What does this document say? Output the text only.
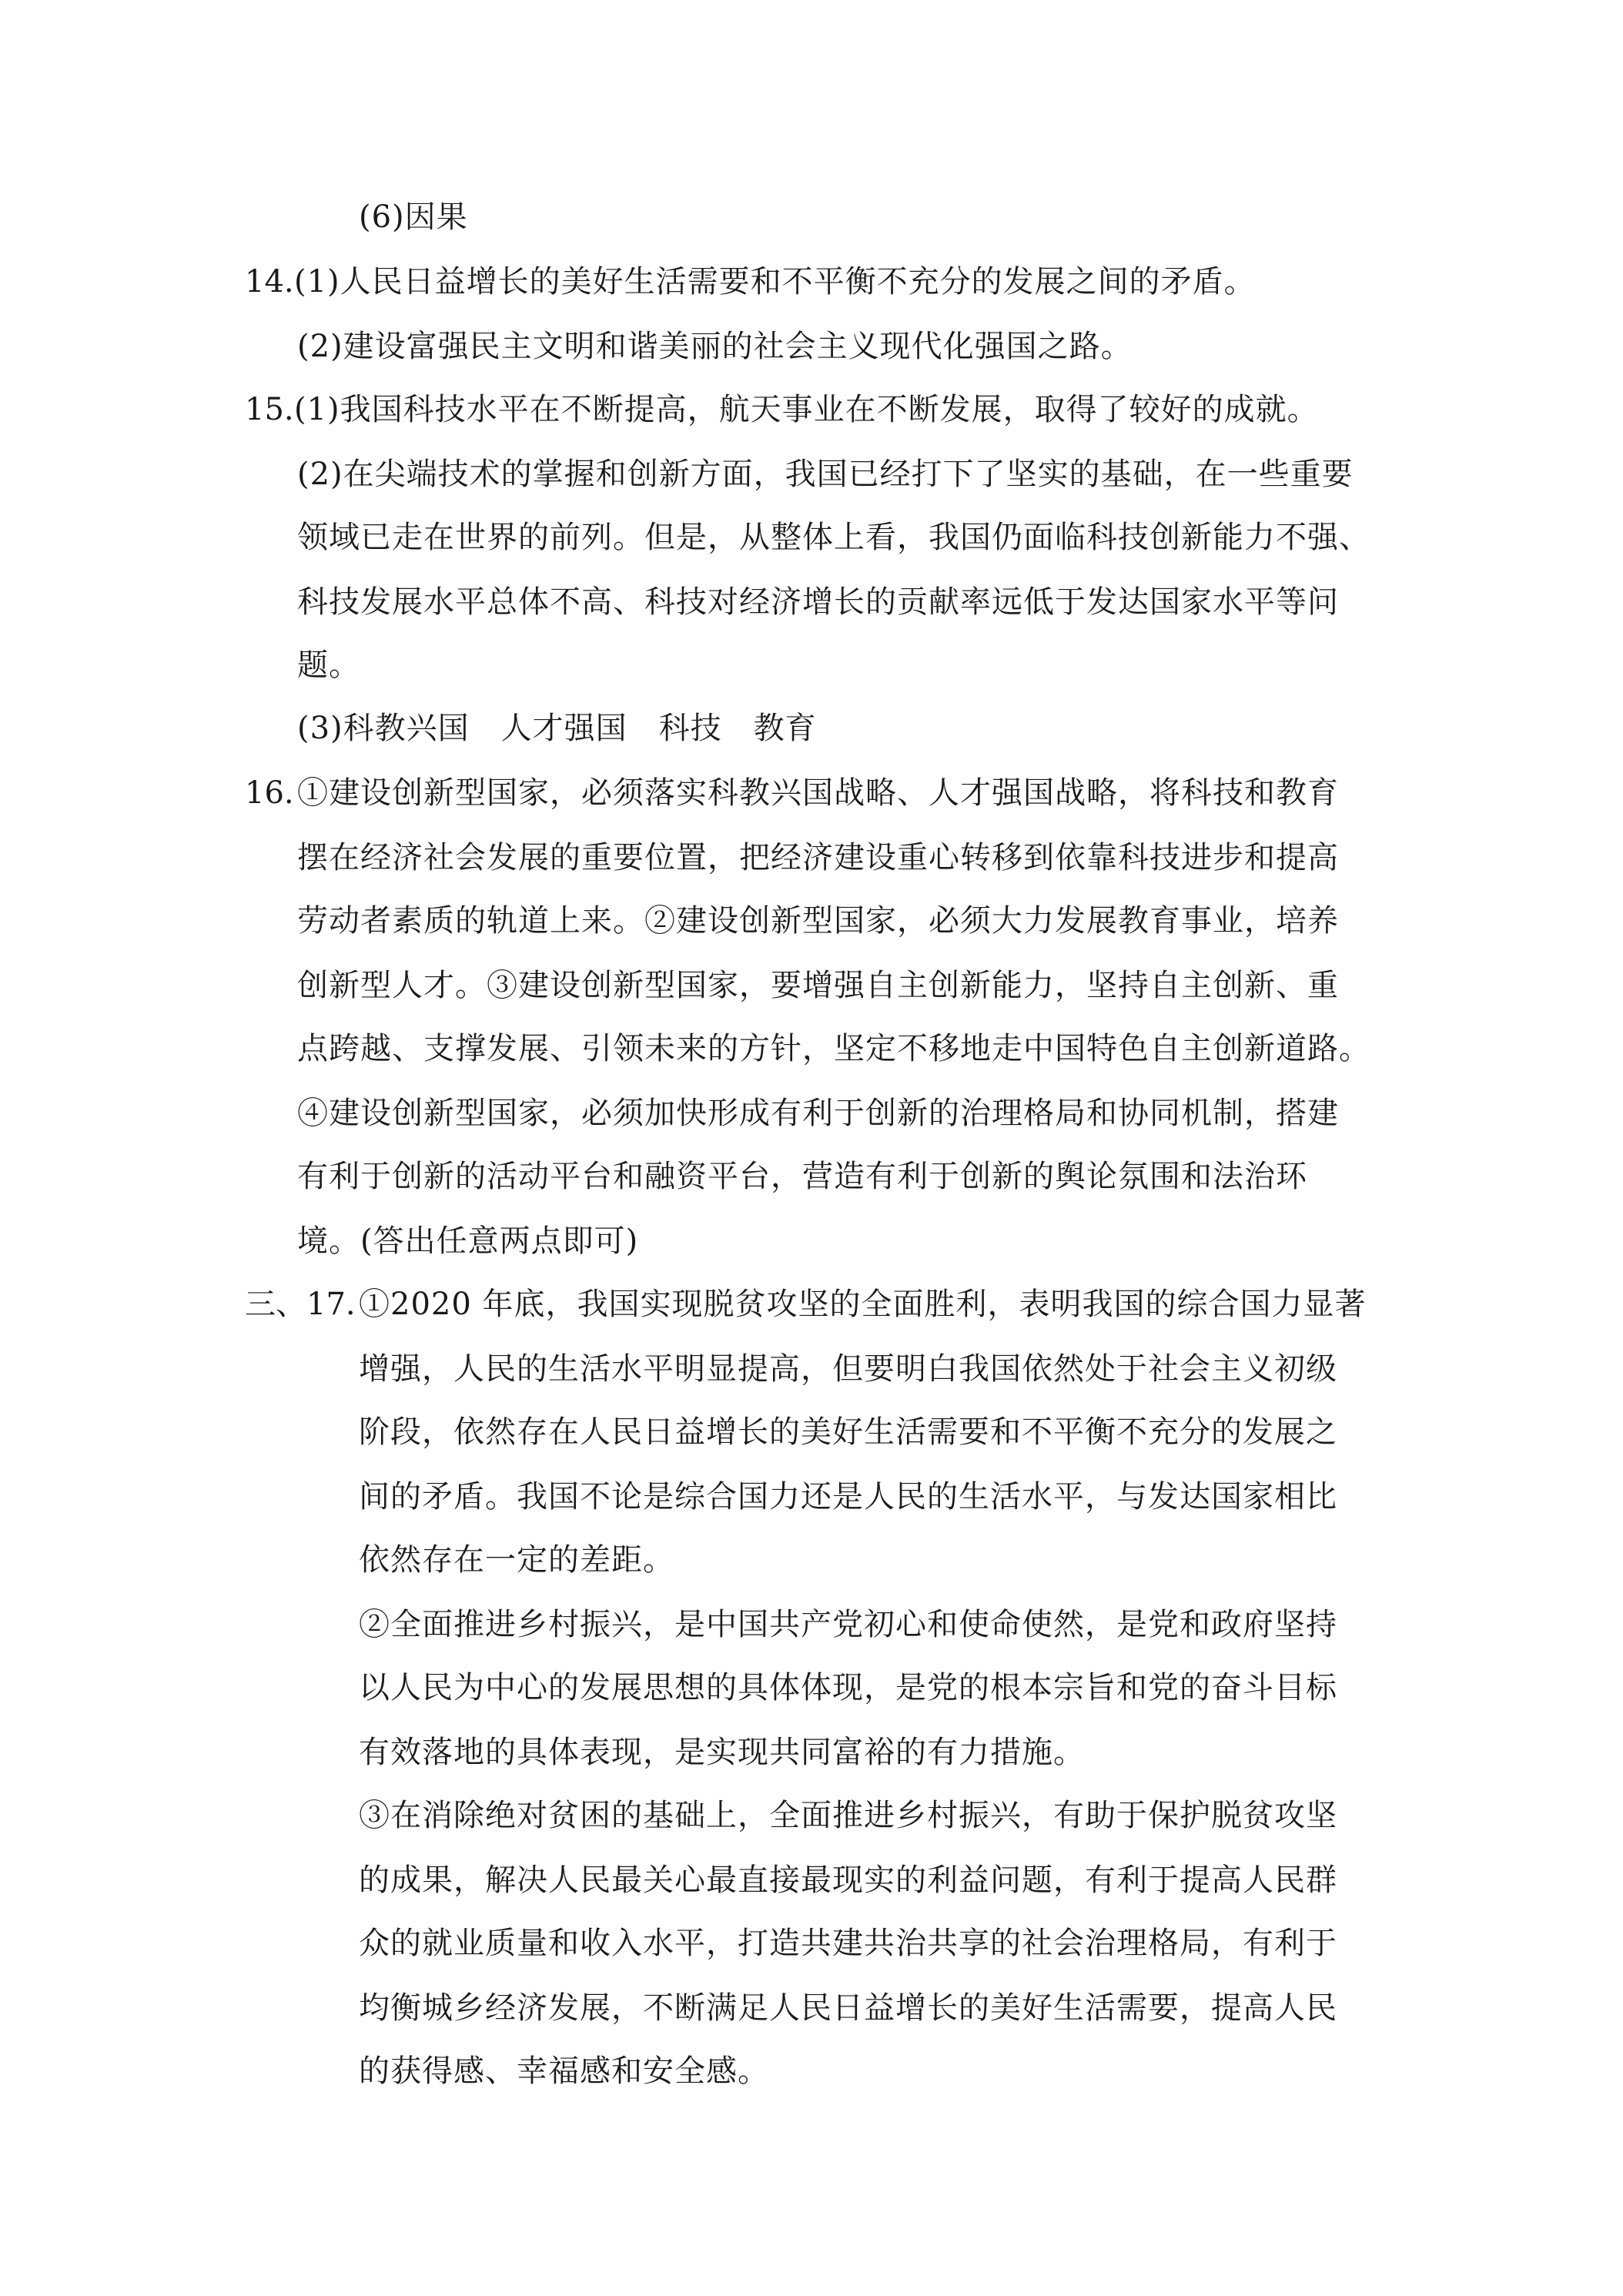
(6)因果
14. (1)人民日益增长的美好生活需要和不平衡不充分的发展之间的矛盾。
(2)建设富强民主文明和谐美丽的社会主义现代化强国之路。
15. (1)我国科技水平在不断提高，航天事业在不断发展，取得了较好的成就。
(2)在尖端技术的掌握和创新方面，我国已经打下了坚实的基础，在一些重要
领域已走在世界的前列。但是，从整体上看，我国仍面临科技创新能力不强、
科技发展水平总体不高、科技对经济增长的贡献率远低于发达国家水平等问
题。
(3)科教兴国　人才强国　科技　教育
16. ①建设创新型国家，必须落实科教兴国战略、人才强国战略，将科技和教育
摆在经济社会发展的重要位置，把经济建设重心转移到依靠科技进步和提高
劳动者素质的轨道上来。②建设创新型国家，必须大力发展教育事业，培养
创新型人才。③建设创新型国家，要增强自主创新能力，坚持自主创新、重
点跨越、支撑发展、引领未来的方针，坚定不移地走中国特色自主创新道路。
④建设创新型国家，必须加快形成有利于创新的治理格局和协同机制，搭建
有利于创新的活动平台和融资平台，营造有利于创新的舆论氛围和法治环
境。(答出任意两点即可)
三、17. ①2020 年底，我国实现脱贫攻坚的全面胜利，表明我国的综合国力显著
增强，人民的生活水平明显提高，但要明白我国依然处于社会主义初级
阶段，依然存在人民日益增长的美好生活需要和不平衡不充分的发展之
间的矛盾。我国不论是综合国力还是人民的生活水平，与发达国家相比
依然存在一定的差距。
②全面推进乡村振兴，是中国共产党初心和使命使然，是党和政府坚持
以人民为中心的发展思想的具体体现，是党的根本宗旨和党的奋斗目标
有效落地的具体表现，是实现共同富裕的有力措施。
③在消除绝对贫困的基础上，全面推进乡村振兴，有助于保护脱贫攻坚
的成果，解决人民最关心最直接最现实的利益问题，有利于提高人民群
众的就业质量和收入水平，打造共建共治共享的社会治理格局，有利于
均衡城乡经济发展，不断满足人民日益增长的美好生活需要，提高人民
的获得感、幸福感和安全感。
